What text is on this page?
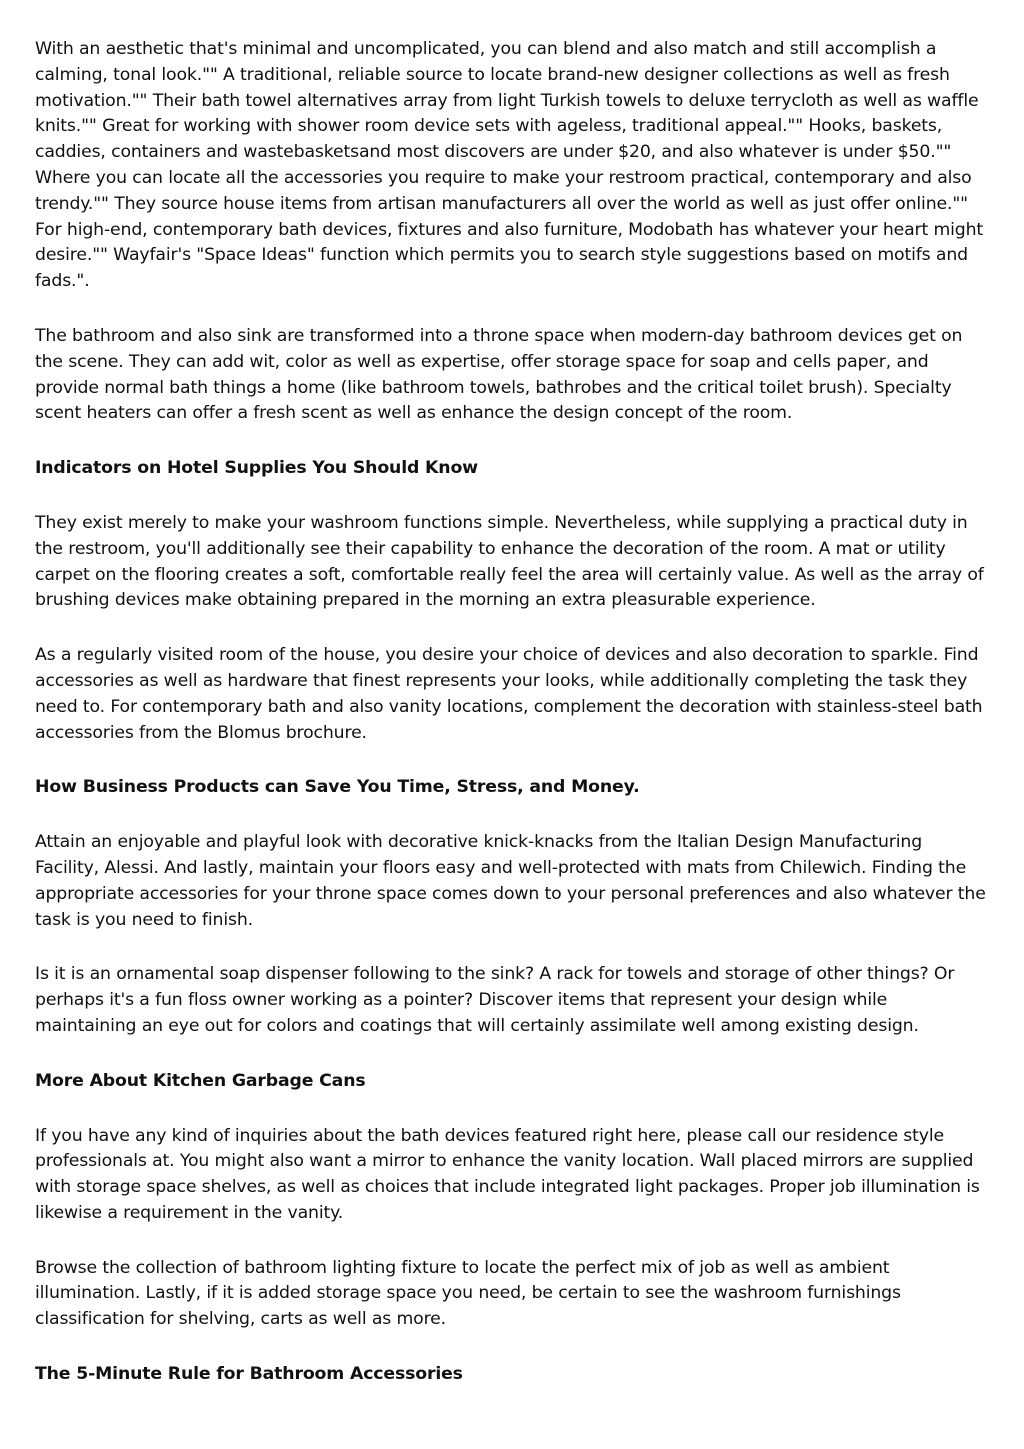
With an aesthetic that's minimal and uncomplicated, you can blend and also match and still accomplish a calming, tonal look."" A traditional, reliable source to locate brand-new designer collections as well as fresh motivation."" Their bath towel alternatives array from light Turkish towels to deluxe terrycloth as well as waffle knits."" Great for working with shower room device sets with ageless, traditional appeal."" Hooks, baskets, caddies, containers and wastebasketsand most discovers are under $20, and also whatever is under $50."" Where you can locate all the accessories you require to make your restroom practical, contemporary and also trendy."" They source house items from artisan manufacturers all over the world as well as just offer online."" For high-end, contemporary bath devices, fixtures and also furniture, Modobath has whatever your heart might desire."" Wayfair's "Space Ideas" function which permits you to search style suggestions based on motifs and fads.".

The bathroom and also sink are transformed into a throne space when modern-day bathroom devices get on the scene. They can add wit, color as well as expertise, offer storage space for soap and cells paper, and provide normal bath things a home (like bathroom towels, bathrobes and the critical toilet brush). Specialty scent heaters can offer a fresh scent as well as enhance the design concept of the room.

Indicators on Hotel Supplies You Should Know

They exist merely to make your washroom functions simple. Nevertheless, while supplying a practical duty in the restroom, you'll additionally see their capability to enhance the decoration of the room. A mat or utility carpet on the flooring creates a soft, comfortable really feel the area will certainly value. As well as the array of brushing devices make obtaining prepared in the morning an extra pleasurable experience.

As a regularly visited room of the house, you desire your choice of devices and also decoration to sparkle. Find accessories as well as hardware that finest represents your looks, while additionally completing the task they need to. For contemporary bath and also vanity locations, complement the decoration with stainless-steel bath accessories from the Blomus brochure.

How Business Products can Save You Time, Stress, and Money.

Attain an enjoyable and playful look with decorative knick-knacks from the Italian Design Manufacturing Facility, Alessi. And lastly, maintain your floors easy and well-protected with mats from Chilewich. Finding the appropriate accessories for your throne space comes down to your personal preferences and also whatever the task is you need to finish.

Is it is an ornamental soap dispenser following to the sink? A rack for towels and storage of other things? Or perhaps it's a fun floss owner working as a pointer? Discover items that represent your design while maintaining an eye out for colors and coatings that will certainly assimilate well among existing design.

More About Kitchen Garbage Cans

If you have any kind of inquiries about the bath devices featured right here, please call our residence style professionals at. You might also want a mirror to enhance the vanity location. Wall placed mirrors are supplied with storage space shelves, as well as choices that include integrated light packages. Proper job illumination is likewise a requirement in the vanity.

Browse the collection of bathroom lighting fixture to locate the perfect mix of job as well as ambient illumination. Lastly, if it is added storage space you need, be certain to see the washroom furnishings classification for shelving, carts as well as more.

The 5-Minute Rule for Bathroom Accessories
